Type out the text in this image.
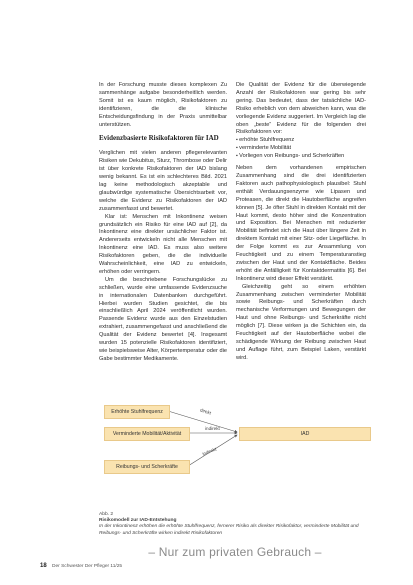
In der Forschung musste dieses komplexen Zu sammenhänge aufgabe besonderheitlich werden. Somit ist es kaum möglich, Risikofaktoren zu identifizieren, die die klinische Entscheidungsfindung in der Praxis unmittelbar unterstützen.

Evidenzbasierte Risikofaktoren für IAD

Verglichen mit vielen anderen pflegerelevanten Risiken wie Dekubitus, Sturz, Thrombose oder Delir ist über konkrete Risikofaktoren der IAD bislang wenig bekannt. Es ist ein schlechteres Bild. 2021 lag keine methodologisch akzeptable und glaubwürdige systematische Übersichtsarbeit vor, welche die Evidenz zu Risikofaktoren der IAD zusammenfasst und bewertet.

Klar ist: Menschen mit Inkontinenz weisen grundsätzlich ein Risiko für eine IAD auf [2], da Inkontinenz eine direkter ursächlicher Faktor ist. Andererseits entwickeln nicht alle Menschen mit Inkontinenz eine IAD. Es muss also weitere Risikofaktoren geben, die die individuelle Wahrscheinlichkeit, eine IAD zu entwickeln, erhöhen oder verringern.

Um die beschriebene Forschungslücke zu schließen, wurde eine umfassende Evidenzsuche in internationalen Datenbanken durchgeführt. Hierbei wurden Studien gesichtet, die bis einschließlich April 2024 veröffentlicht wurden. Passende Evidenz wurde aus den Einzelstudien extrahiert, zusammengefasst und anschließend die Qualität der Evidenz bewertet [4]. Insgesamt wurden 15 potenzielle Risikofaktoren identifiziert, wie beispielsweise Alter, Körpertemperatur oder die Gabe bestimmter Medikamente.

Die Qualität der Evidenz für die überwiegende Anzahl der Risikofaktoren war gering bis sehr gering. Das bedeutet, dass der tatsächliche IAD-Risiko erheblich von dem abweichen kann, was die vorliegende Evidenz suggeriert. Im Vergleich lag die oben „beste“ Evidenz für die folgenden drei Risikofaktoren vor:

▪ erhöhte Stuhlfrequenz
▪ verminderte Mobilität
▪ Vorliegen von Reibungs- und Scherkräften

Neben dem vorhandenen empirischen Zusammenhang sind die drei identifizierten Faktoren auch pathophysiologisch plausibel: Stuhl enthält Verdauungsenzyme wie Lipasen und Proteasen, die direkt die Hautoberfläche angreifen können [5]. Je öfter Stuhl in direkten Kontakt mit der Haut kommt, desto höher sind die Konzentration und Exposition. Bei Menschen mit reduzierter Mobilität befindet sich die Haut über längere Zeit in direktem Kontakt mit einer Sitz- oder Liegefläche. In der Folge kommt es zur Ansammlung von Feuchtigkeit und zu einem Temperaturanstieg zwischen der Haut und der Kontaktfläche. Beides erhöht die Anfälligkeit für Kontaktdermatitis [6]. Bei Inkontinenz wird dieser Effekt verstärkt.

Gleichzeitig geht so einem erhöhten Zusammenhang zwischen verminderter Mobilität sowie Reibungs- und Scherkräften durch mechanische Verformungen und Bewegungen der Haut und ohne Reibungs- und Scherkräfte nicht möglich [7]. Diese wirken ja die Schichten ein, da Feuchtigkeit auf der Hautoberfläche wobei die schädigende Wirkung der Reibung zwischen Haut und Auflage führt, zum Beispiel Laken, verstärkt wird.

Erhöhte Stuhlfrequenz
Verminderte Mobilität/Aktivität
Reibungs- und Scherkräfte
IAD
direkt
indirekt
indirekt
Abb. 2
Risikomodell zur IAD-Entstehung
In der Inkontinenz erhöhen die erhöhte Stuhlfrequenz, fernerer Risiko als direkter Risikofaktor, verminderte Mobilität und Reibungs- und Scherkräfte wirken indirekt Risikofaktoren
– Nur zum privaten Gebrauch –
18 Der Schwester Der Pfleger 11/25
